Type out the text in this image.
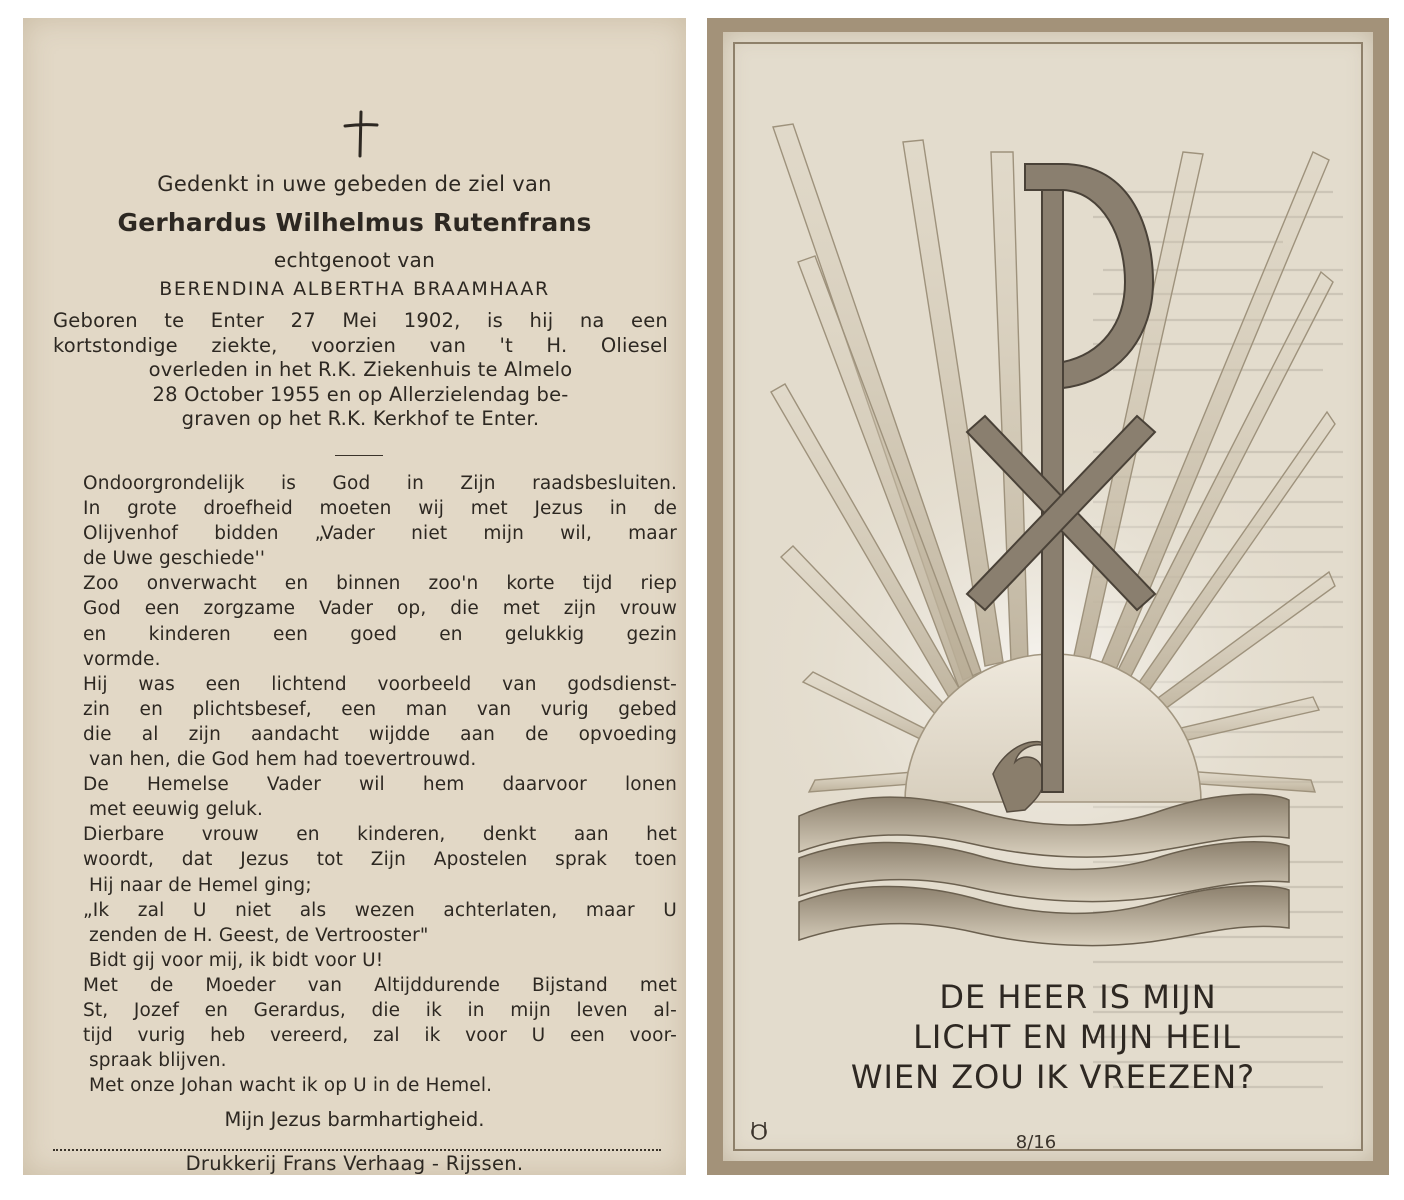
Gedenkt in uwe gebeden de ziel van
Gerhardus Wilhelmus Rutenfrans
echtgenoot van
BERENDINA ALBERTHA BRAAMHAAR
Geboren te Enter 27 Mei 1902, is hij na een
kortstondige ziekte, voorzien van 't H. Oliesel
overleden in het R.K. Ziekenhuis te Almelo
28 October 1955 en op Allerzielendag be-
graven op het R.K. Kerkhof te Enter.
Ondoorgrondelijk is God in Zijn raadsbesluiten.
In grote droefheid moeten wij met Jezus in de
Olijvenhof bidden „Vader niet mijn wil, maar
de Uwe geschiede''
Zoo onverwacht en binnen zoo'n korte tijd riep
God een zorgzame Vader op, die met zijn vrouw
en kinderen een goed en gelukkig gezin
vormde.
Hij was een lichtend voorbeeld van godsdienst-
zin en plichtsbesef, een man van vurig gebed
die al zijn aandacht wijdde aan de opvoeding
van hen, die God hem had toevertrouwd.
De Hemelse Vader wil hem daarvoor lonen
met eeuwig geluk.
Dierbare vrouw en kinderen, denkt aan het
woordt, dat Jezus tot Zijn Apostelen sprak toen
Hij naar de Hemel ging;
„Ik zal U niet als wezen achterlaten, maar U
zenden de H. Geest, de Vertrooster"
Bidt gij voor mij, ik bidt voor U!
Met de Moeder van Altijddurende Bijstand met
St, Jozef en Gerardus, die ik in mijn leven al-
tijd vurig heb vereerd, zal ik voor U een voor-
spraak blijven.
Met onze Johan wacht ik op U in de Hemel.
Mijn Jezus barmhartigheid.
Drukkerij Frans Verhaag - Rijssen.
DE HEER IS MIJN
LICHT EN MIJN HEIL
WIEN ZOU IK VREEZEN?
8/16
